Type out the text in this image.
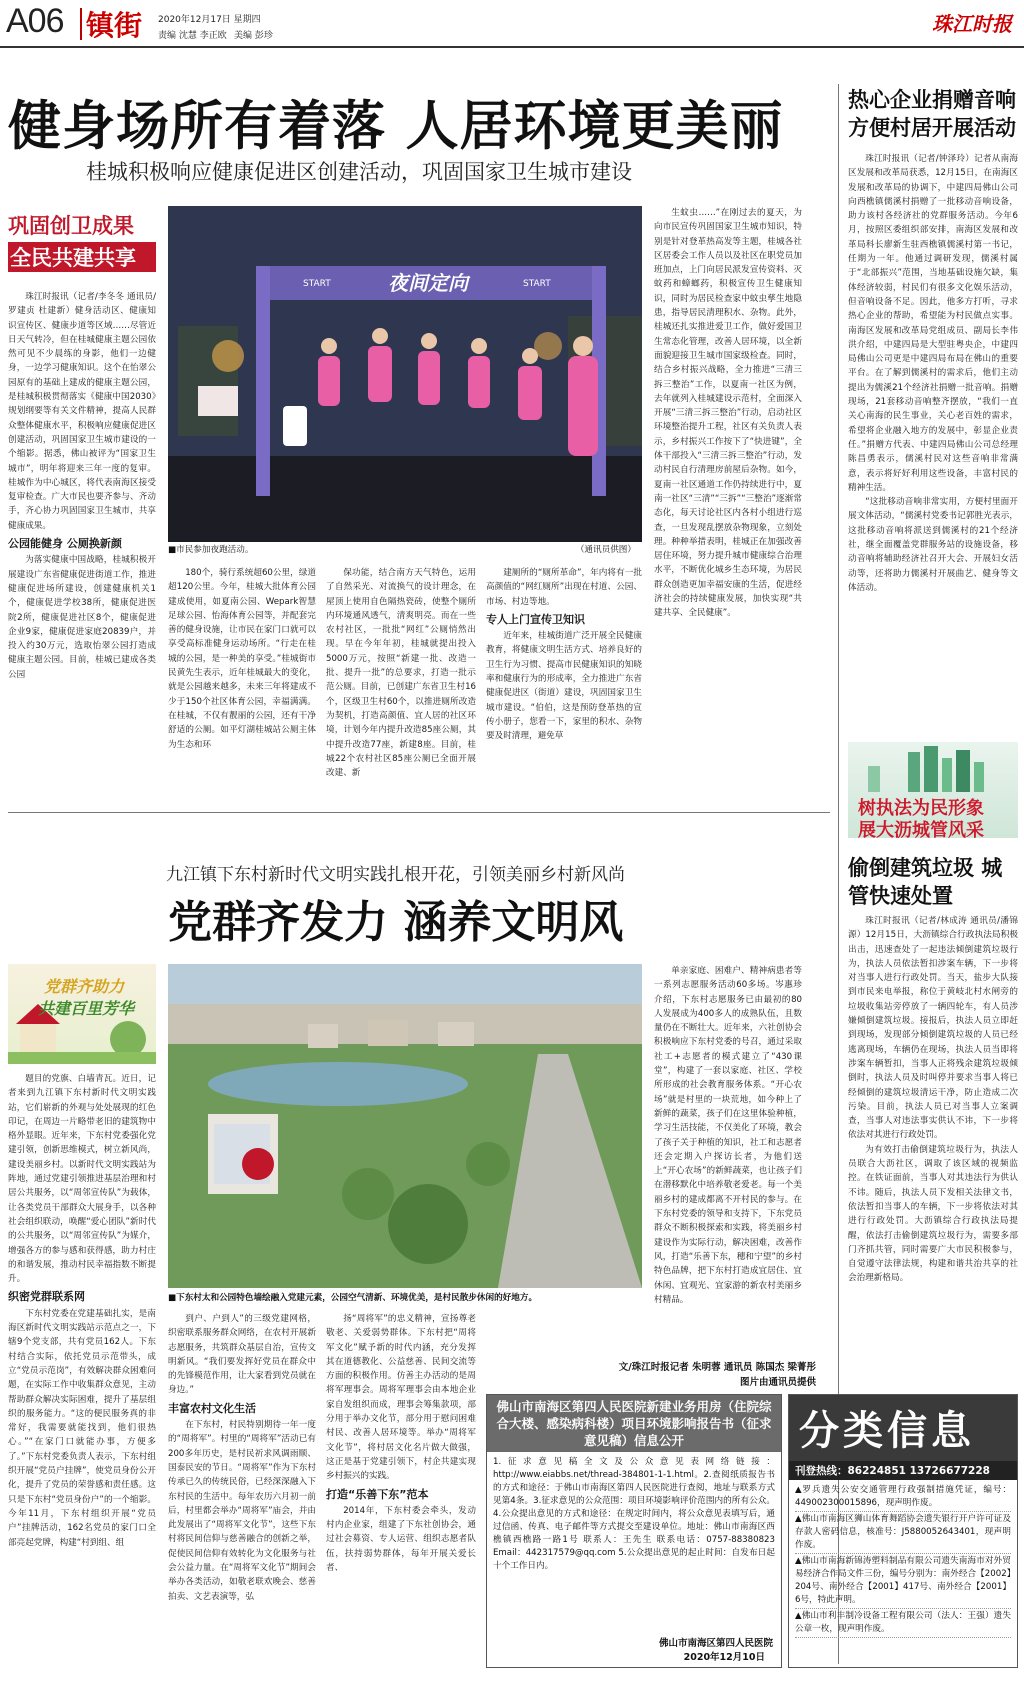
A06 镇街 2020年12月17日 星期四
责编 沈慧 李正欧 美编 彭珍	珠江时报
健身场所有着落 人居环境更美丽
桂城积极响应健康促进区创建活动，巩固国家卫生城市建设
巩固创卫成果
全民共建共享

珠江时报讯（记者/李冬冬 通讯员/罗建贞 杜建新）健身活动区、健康知识宣传区、健康步道等区域……尽管近日天气转冷，但在桂城健康主题公园依然可见不少晨练的身影，他们一边健身，一边学习健康知识。这个在怡翠公园原有的基础上建成的健康主题公园，是桂城积极贯彻落实《健康中国2030》规划纲要等有关文件精神，提高人民群众整体健康水平，积极响应健康促进区创建活动，巩固国家卫生城市建设的一个缩影。据悉，佛山被评为“国家卫生城市”，明年将迎来三年一度的复审。桂城作为中心城区，将代表南海区接受复审检查。广大市民也要齐参与、齐动手，齐心协力巩固国家卫生城市，共享健康成果。

公园能健身 公厕换新颜

为落实健康中国战略，桂城积极开展建设广东省健康促进街道工作，推进健康促进场所建设，创建健康机关1个，健康促进学校38所，健康促进医院2所，健康促进社区8个，健康促进企业9家，健康促进家庭20839户，并投入约30万元，选取怡翠公园打造成健康主题公园。目前，桂城已建成各类公园

夜间定向
START	START
■市民参加夜跑活动。	（通讯员供图）

180个，骑行系统超60公里，绿道超120公里。今年，桂城大批体育公园建成使用，如夏南公园、Wepark智慧足球公园、怡海体育公园等，并配套完善的健身设施，让市民在家门口就可以享受高标准健身运动场所。“行走在桂城的公园，是一种美的享受。”桂城街市民黄先生表示，近年桂城最大的变化，就是公园越来越多，未来三年将建成不少于150个社区体育公园，幸福满满。在桂城，不仅有靓丽的公园，还有干净舒适的公厕。如平灯湖桂城站公厕主体为生态和环

保功能，结合南方天气特色，运用了自然采光、对流换气的设计理念，在屋顶上使用自色隔热瓷砖，使整个厕所内环境通风透气，清爽明亮。而在一些农村社区，一批批“网红”公厕悄然出现。早在今年年初，桂城就提出投入5000万元，按照“新建一批、改造一批、提升一批”的总要求，打造一批示范公厕。目前，已创建广东省卫生村16个，区级卫生村60个，以推进厕所改造为契机，打造高颜值、宜人居的社区环境，计划今年内提升改造85座公厕，其中提升改造77座，新建8座。目前，桂城22个农村社区85座公厕已全面开展改建、新

建厕所的“厕所革命”，年内将有一批高颜值的“网红厕所”出现在村道、公园、市场、村边等地。

专人上门宣传卫知识

近年来，桂城街道广泛开展全民健康教育，将健康文明生活方式、培养良好的卫生行为习惯、提高市民健康知识的知晓率和健康行为的形成率，全力推进广东省健康促进区（街道）建设，巩固国家卫生城市建设。“伯伯，这是预防登革热的宣传小册子，您看一下，家里的积水、杂物要及时清理，避免草

生蚊虫……”在刚过去的夏天，为向市民宣传巩固国家卫生城市知识，特别是针对登革热高发等主题，桂城各社区居委会工作人员以及社区在职党员加班加点，上门向居民派发宣传资料、灭蚊药和蟑螂药，积极宣传卫生健康知识，同时为居民检查家中蚊虫孳生地隐患，指导居民清理积水、杂物。此外，桂城还扎实推进爱卫工作，做好爱国卫生常态化管理，改善人居环境，以全新面貌迎接卫生城市国家级检查。同时，结合乡村振兴战略，全力推进“三清三拆三整治”工作，以夏南一社区为例，去年就列入桂城建设示范村，全面深入开展“三清三拆三整治”行动，启动社区环境整治提升工程，社区有关负责人表示，乡村振兴工作按下了“快进键”，全体干部投入“三清三拆三整治”行动，发动村民自行清理房前屋后杂物。如今，夏南一社区通道工作仍持续进行中，夏南一社区“三清”“三拆”“三整治”逐渐常态化，每天讨论社区内各村小组进行巡查，一旦发现乱摆放杂物现象，立刻处理。种种举措表明，桂城正在加强改善居住环境，努力提升城市健康综合治理水平，不断优化城乡生态环境，为居民群众创造更加幸福安康的生活，促进经济社会的持续健康发展，加快实现“共建共享、全民健康”。

热心企业捐赠音响 方便村居开展活动

珠江时报讯（记者/钟泽玲）记者从南海区发展和改革局获悉，12月15日，在南海区发展和改革局的协调下，中建四局佛山公司向西樵镇儒溪村捐赠了一批移动音响设备，助力该村各经济社的党群服务活动。今年6月，按照区委组织部安排，南海区发展和改革局科长廖新生驻西樵镇儒溪村第一书记，任期为一年。他通过调研发现，儒溪村属于“北部振兴”范围，当地基础设施欠缺，集体经济较弱，村民们有很多文化娱乐活动，但音响设备不足。因此，他多方打听，寻求热心企业的帮助，希望能为村民做点实事。南海区发展和改革局党组成员、副局长李伟洪介绍，中建四局是大型驻粤央企，中建四局佛山公司更是中建四局布局在佛山的重要平台。在了解到儒溪村的需求后，他们主动提出为儒溪21个经济社捐赠一批音响。捐赠现场，21套移动音响整齐摆放，“我们一直关心南海的民生事业，关心老百姓的需求，希望将企业融入地方的发展中，彰显企业责任。”捐赠方代表、中建四局佛山公司总经理陈昌勇表示，儒溪村民对这些音响非常满意，表示将好好利用这些设备，丰富村民的精神生活。

“这批移动音响非常实用，方便村里面开展文体活动，“儒溪村党委书记郭胜光表示，这批移动音响将派送到儒溪村的21个经济社，继全面覆盖党群服务站的设施设备，移动音响将辅助经济社召开大会、开展妇女活动等，还将助力儒溪村开展曲艺、健身等文体活动。

树执法为民形象
展大沥城管风采
偷倒建筑垃圾 城管快速处置

珠江时报讯（记者/林成涛 通讯员/潘锦源）12月15日，大沥镇综合行政执法局积极出击，迅速查处了一起违法倾倒建筑垃圾行为，执法人员依法暂扣涉案车辆，下一步将对当事人进行行政处罚。当天，盐步大队接到市民来电举报，称位于黄岐北村水闸旁的垃圾收集站旁停放了一辆四轮车，有人员涉嫌倾倒建筑垃圾。接报后，执法人员立即赶到现场，发现部分倾倒建筑垃圾的人员已经逃离现场，车辆仍在现场，执法人员当即将涉案车辆暂扣，当事人正将残余建筑垃圾倾倒时，执法人员及时叫停并要求当事人将已经倾倒的建筑垃圾清运干净，防止造成二次污染。目前，执法人员已对当事人立案调查，当事人对违法事实供认不讳，下一步将依法对其进行行政处罚。

为有效打击偷倒建筑垃圾行为，执法人员联合大沥社区，调取了该区域的视频监控。在铁证面前，当事人对其违法行为供认不讳。随后，执法人员下发相关法律文书，依法暂扣当事人的车辆，下一步将依法对其进行行政处罚。大沥镇综合行政执法局提醒，依法打击偷倒建筑垃圾行为，需要多部门齐抓共管，同时需要广大市民积极参与，自觉遵守法律法规，构建和谐共治共享的社会治理新格局。

九江镇下东村新时代文明实践扎根开花，引领美丽乡村新风尚
党群齐发力 涵养文明风
党群齐助力
共建百里芳华

题目的党旗、白墙青瓦。近日，记者来到九江镇下东村新时代文明实践站，它们崭新的外观与处处展现的红色印记，在周边一片略带老旧的建筑物中格外显眼。近年来，下东村党委强化党建引领，创新思维模式，树立新风尚，建设美丽乡村。以新时代文明实践站为阵地，通过党建引领推进基层治理和村居公共服务，以“周邻宣传队”为载体，让各类党员干部群众大展身手，以各种社会组织联动，唤醒“爱心团队”新时代的公共服务，以“周邻宣传队”为媒介，增强各方的参与感和获得感，助力村庄的和谐发展，推动村民幸福指数不断提升。

织密党群联系网

下东村党委在党建基础扎实，是南海区新时代文明实践站示范点之一，下辖9个党支部，共有党员162人。下东村结合实际，依托党员示范带头，成立“党员示范岗”，有效解决群众困难问题，在实际工作中收集群众意见，主动帮助群众解决实际困难，提升了基层组织的服务能力。“这的便民服务真的非常好，我需要就能找到，他们很热心。”“在家门口就能办事，方便多了。”下东村党委负责人表示，下东村组织开展“党员户挂牌”，使党员身份公开化，提升了党员的荣誉感和责任感。这只是下东村“党员身份户”的一个缩影。今年11月，下东村组织开展“党员户”挂牌活动，162名党员的家门口全部亮起党牌，构建“村到组、组

■下东村太和公园特色墙绘融入党建元素，公园空气清新、环境优美，是村民散步休闲的好地方。

到户、户到人”的三级党建网格，织密联系服务群众网络，在农村开展新志愿服务，共筑群众基层自治，宣传文明新风。“我们要发挥好党员在群众中的先锋模范作用，让大家看到党员就在身边。”

丰富农村文化生活

在下东村，村民特别期待一年一度的“周将军”。村里的“周将军”活动已有200多年历史，是村民祈求风调雨顺、国泰民安的节日。“周将军”作为下东村传承已久的传统民俗，已经深深融入下东村民的生活中。每年农历六月初一前后，村里都会举办“周将军”庙会，并由此发展出了“周将军文化节”，这些下东村将民间信仰与慈善融合的创新之举，促使民间信仰有效转化为文化服务与社会公益力量。在“周将军文化节”期间会举办各类活动，如敬老联欢晚会、慈善拍卖、文艺表演等，弘

扬“周将军”的忠义精神，宣扬尊老敬老、关爱弱势群体。下东村把“周将军文化”赋予新的时代内涵，充分发挥其在道德教化、公益慈善、民间交流等方面的积极作用。仿善主办活动的是周将军理事会。周将军理事会由本地企业家自发组织而成，理事会筹集款项，部分用于举办文化节，部分用于慰问困难村民、改善人居环境等。举办“周将军文化节”，将村居文化名片做大做强，这正是基于党建引领下，村企共建实现乡村振兴的实践。

打造“乐善下东”范本

2014年，下东村委会牵头，发动村内企业家，组建了下东社创协会，通过社会募资、专人运营、组织志愿者队伍，扶持弱势群体，每年开展关爱长者、

单亲家庭、困难户、精神病患者等一系列志愿服务活动60多场。岑惠珍介绍，下东村志愿服务已由最初的80人发展成为400多人的成熟队伍，且数量仍在不断壮大。近年来，六社创协会积极响应下东村党委的号召，通过采取社工+志愿者的模式建立了“430课堂”，构建了一套以家庭、社区、学校所形成的社会教育服务体系。“开心农场”就是村里的一块荒地，如今种上了新鲜的蔬菜，孩子们在这里体验种植，学习生活技能，不仅美化了环境，教会了孩子关于种植的知识，社工和志愿者还会定期入户探访长者，为他们送上“开心农场”的新鲜蔬菜，也让孩子们在潜移默化中培养敬老爱老。每一个美丽乡村的建成都离不开村民的参与。在下东村党委的领导和支持下，下东党员群众不断积极探索和实践，将美丽乡村建设作为实际行动，解决困难，改善作风，打造“乐善下东，穗和宁望”的乡村特色品牌，把下东村打造成宜居住、宜休闲、宜观光、宜家游的新农村美丽乡村精品。

文/珠江时报记者 朱明蓉 通讯员 陈国杰 梁菁彤
图片由通讯员提供
佛山市南海区第四人民医院新建业务用房（住院综合大楼、感染病科楼）项目环境影响报告书（征求意见稿）信息公开
1.征求意见稿全文及公众意见表网络链接：http://www.eiabbs.net/thread-384801-1-1.html。2.查阅纸质报告书的方式和途径：于佛山市南海区第四人民医院进行查阅，地址与联系方式见第4条。3.征求意见的公众范围：项目环境影响评价范围内的所有公众。4.公众提出意见的方式和途径：在规定时间内，将公众意见表填写后，通过信函、传真、电子邮件等方式提交至建设单位。地址：佛山市南海区西樵镇西樵路一路1号 联系人：王先生 联系电话：0757-88380823 Email：442317579@qq.com 5.公众提出意见的起止时间：自发布日起十个工作日内。
佛山市南海区第四人民医院
2020年12月10日
分类信息
刊登热线：86224851 13726677228
▲罗兵遗失公安交通管理行政强制措施凭证，编号：449002300015896，现声明作废。
▲佛山市南海区狮山体育舞蹈协会遗失银行开户许可证及存款人密码信息，核准号：J5880052643401，现声明作废。
▲佛山市南海新锦涛塑料制品有限公司遗失南海市对外贸易经济合作局文件三份，编号分别为：南外经合【2002】204号、南外经合【2001】417号、南外经合【2001】6号，特此声明。
▲佛山市利丰制冷设备工程有限公司（法人：王强）遗失公章一枚，现声明作废。
